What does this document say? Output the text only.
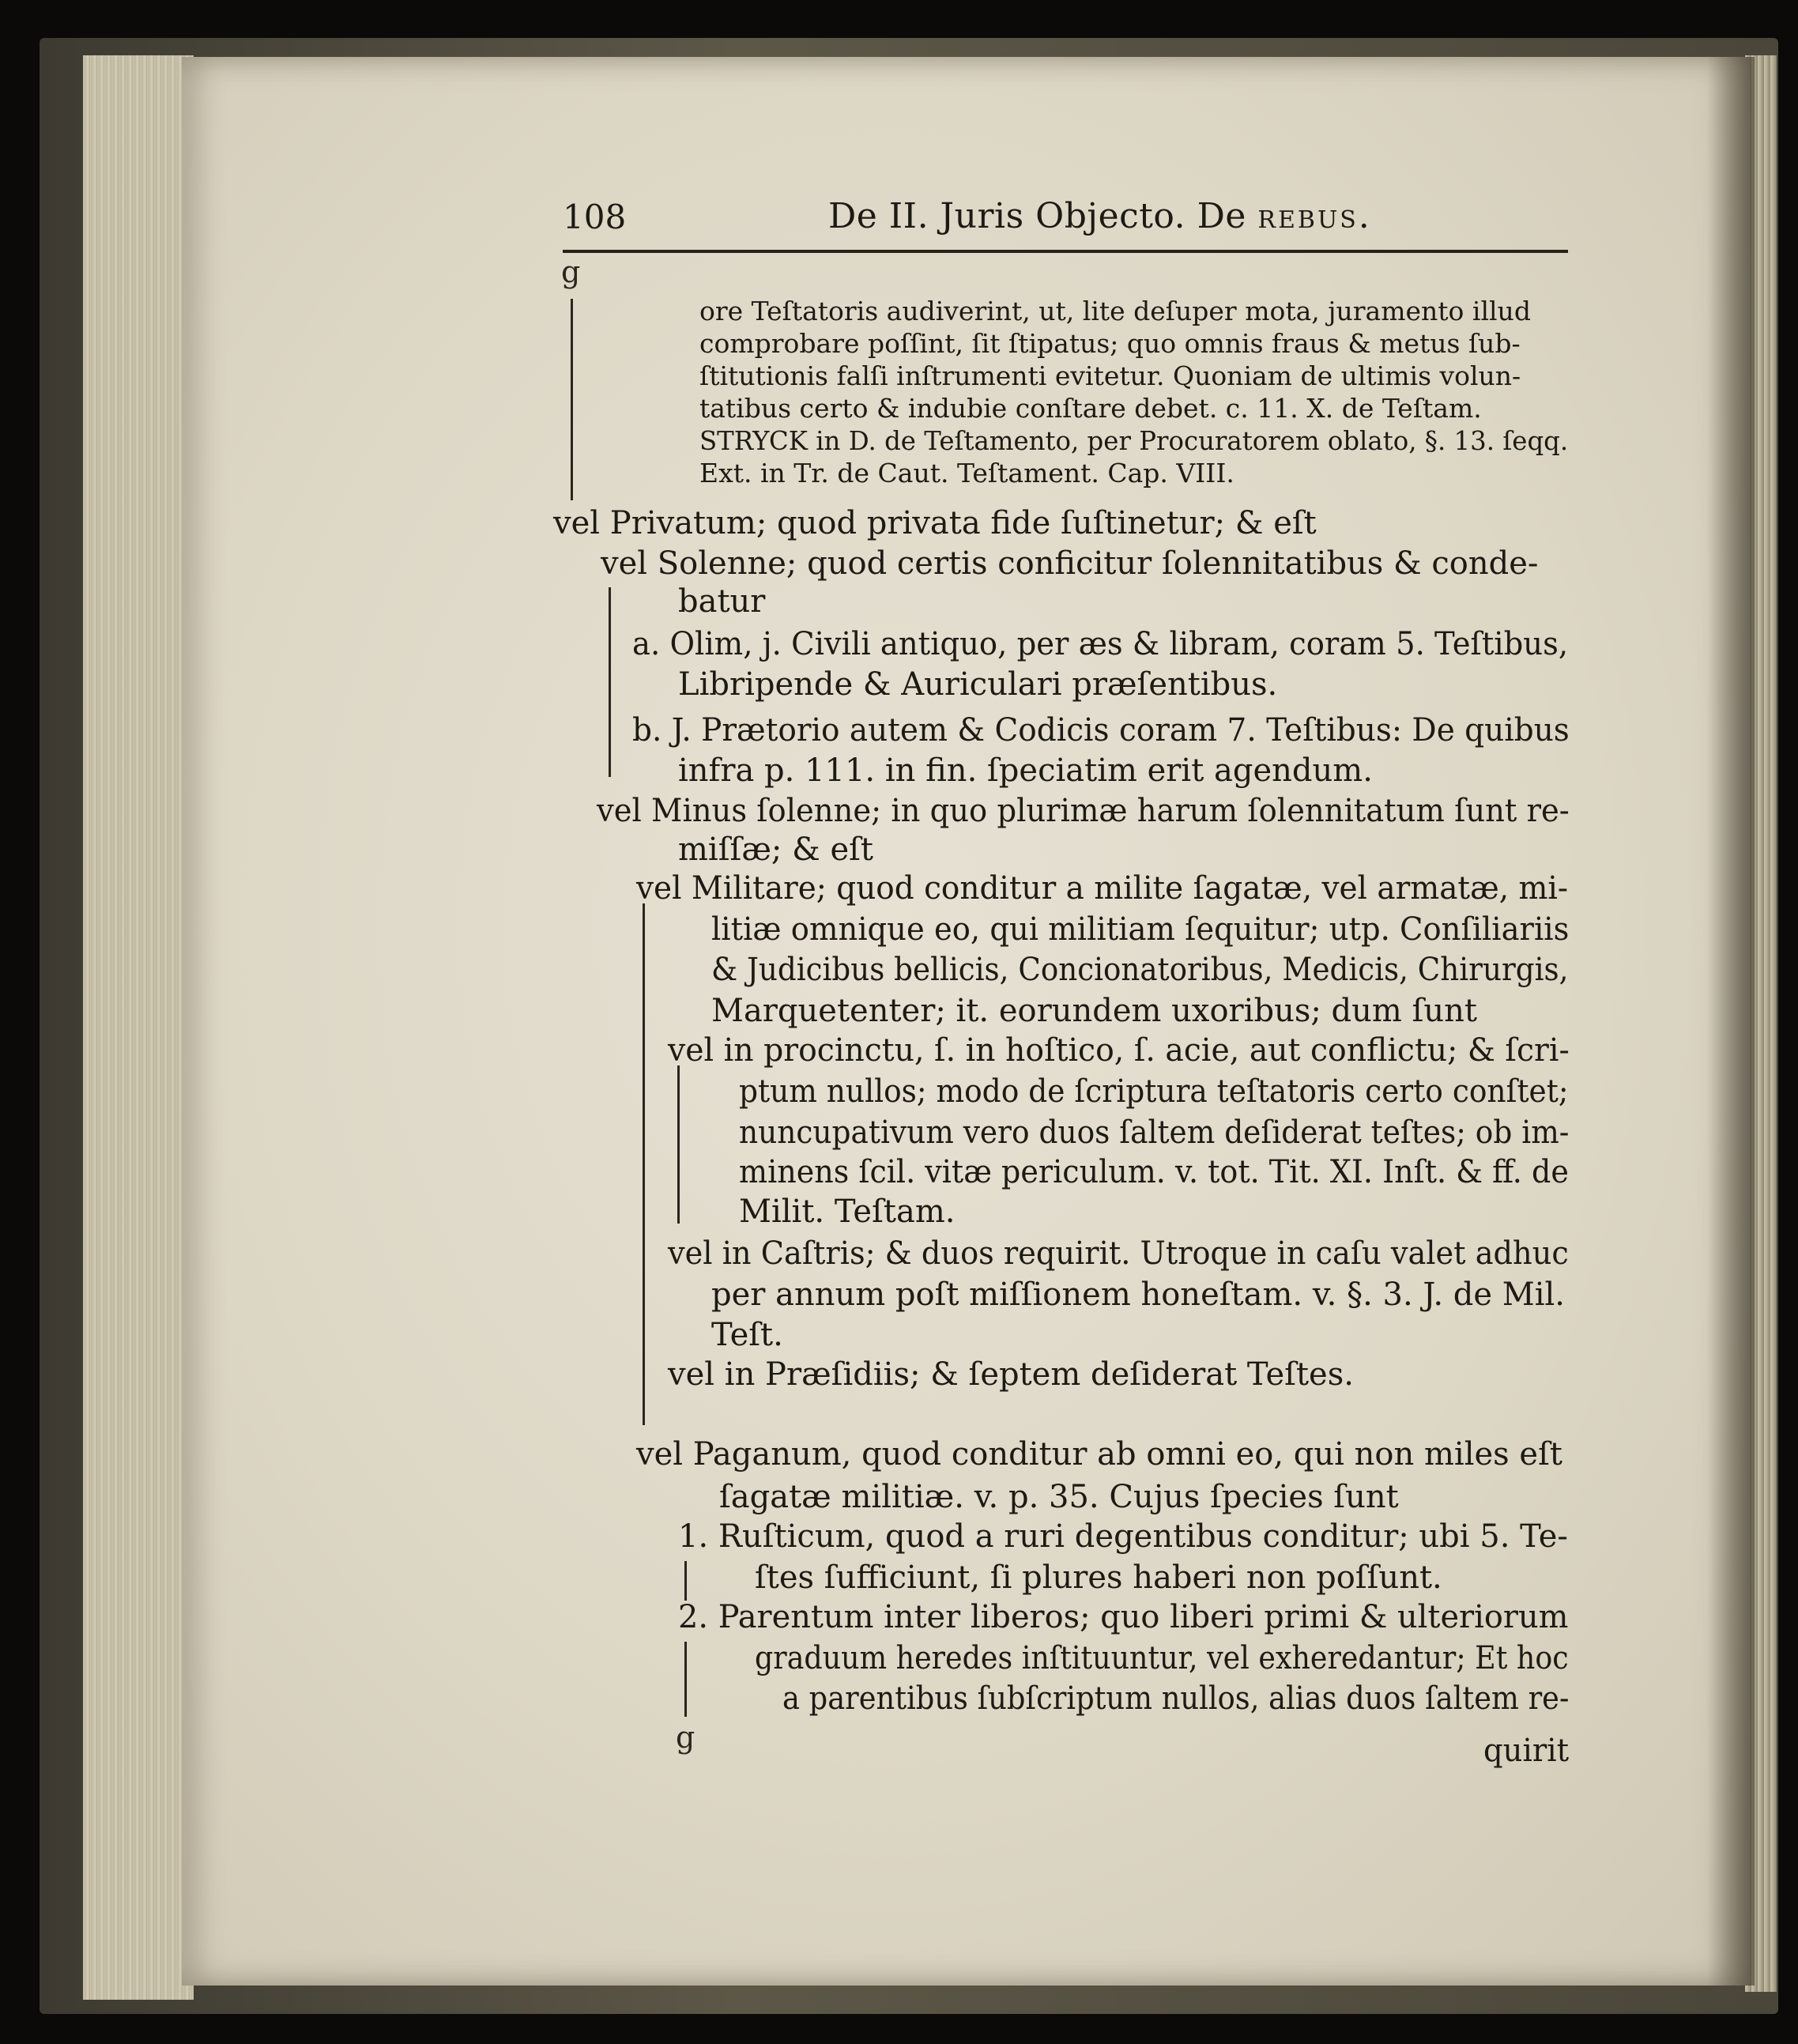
108	De II. Juris Objecto. De REBUS.
g
g
ore Teſtatoris audiverint, ut, lite deſuper mota, juramento illud
comprobare poſſint, ſit ſtipatus; quo omnis fraus & metus ſub-
ſtitutionis falſi inſtrumenti evitetur. Quoniam de ultimis volun-
tatibus certo & indubie conſtare debet. c. 11. X. de Teſtam.
STRYCK in D. de Teſtamento, per Procuratorem oblato, §. 13. ſeqq.
Ext. in Tr. de Caut. Teſtament. Cap. VIII.
vel Privatum; quod privata fide ſuſtinetur; & eſt
vel Solenne; quod certis conficitur ſolennitatibus & conde-
batur
a. Olim, j. Civili antiquo, per æs & libram, coram 5. Teſtibus,
Libripende & Auriculari præſentibus.
b. J. Prætorio autem & Codicis coram 7. Teſtibus: De quibus
infra p. 111. in fin. ſpeciatim erit agendum.
vel Minus ſolenne; in quo plurimæ harum ſolennitatum ſunt re-
miſſæ; & eſt
vel Militare; quod conditur a milite ſagatæ, vel armatæ, mi-
litiæ omnique eo, qui militiam ſequitur; utp. Conſiliariis
& Judicibus bellicis, Concionatoribus, Medicis, Chirurgis,
Marquetenter; it. eorundem uxoribus; dum ſunt
vel in procinctu, ſ. in hoſtico, ſ. acie, aut conflictu; & ſcri-
ptum nullos; modo de ſcriptura teſtatoris certo conſtet;
nuncupativum vero duos ſaltem deſiderat teſtes; ob im-
minens ſcil. vitæ periculum. v. tot. Tit. XI. Inſt. & ff. de
Milit. Teſtam.
vel in Caſtris; & duos requirit. Utroque in caſu valet adhuc
per annum poſt miſſionem honeſtam. v. §. 3. J. de Mil.
Teſt.
vel in Præſidiis; & ſeptem deſiderat Teſtes.
vel Paganum, quod conditur ab omni eo, qui non miles eſt
ſagatæ militiæ. v. p. 35. Cujus ſpecies ſunt
1. Ruſticum, quod a ruri degentibus conditur; ubi 5. Te-
ſtes ſufficiunt, ſi plures haberi non poſſunt.
2. Parentum inter liberos; quo liberi primi & ulteriorum
graduum heredes inſtituuntur, vel exheredantur; Et hoc
a parentibus ſubſcriptum nullos, alias duos ſaltem re-
quirit
